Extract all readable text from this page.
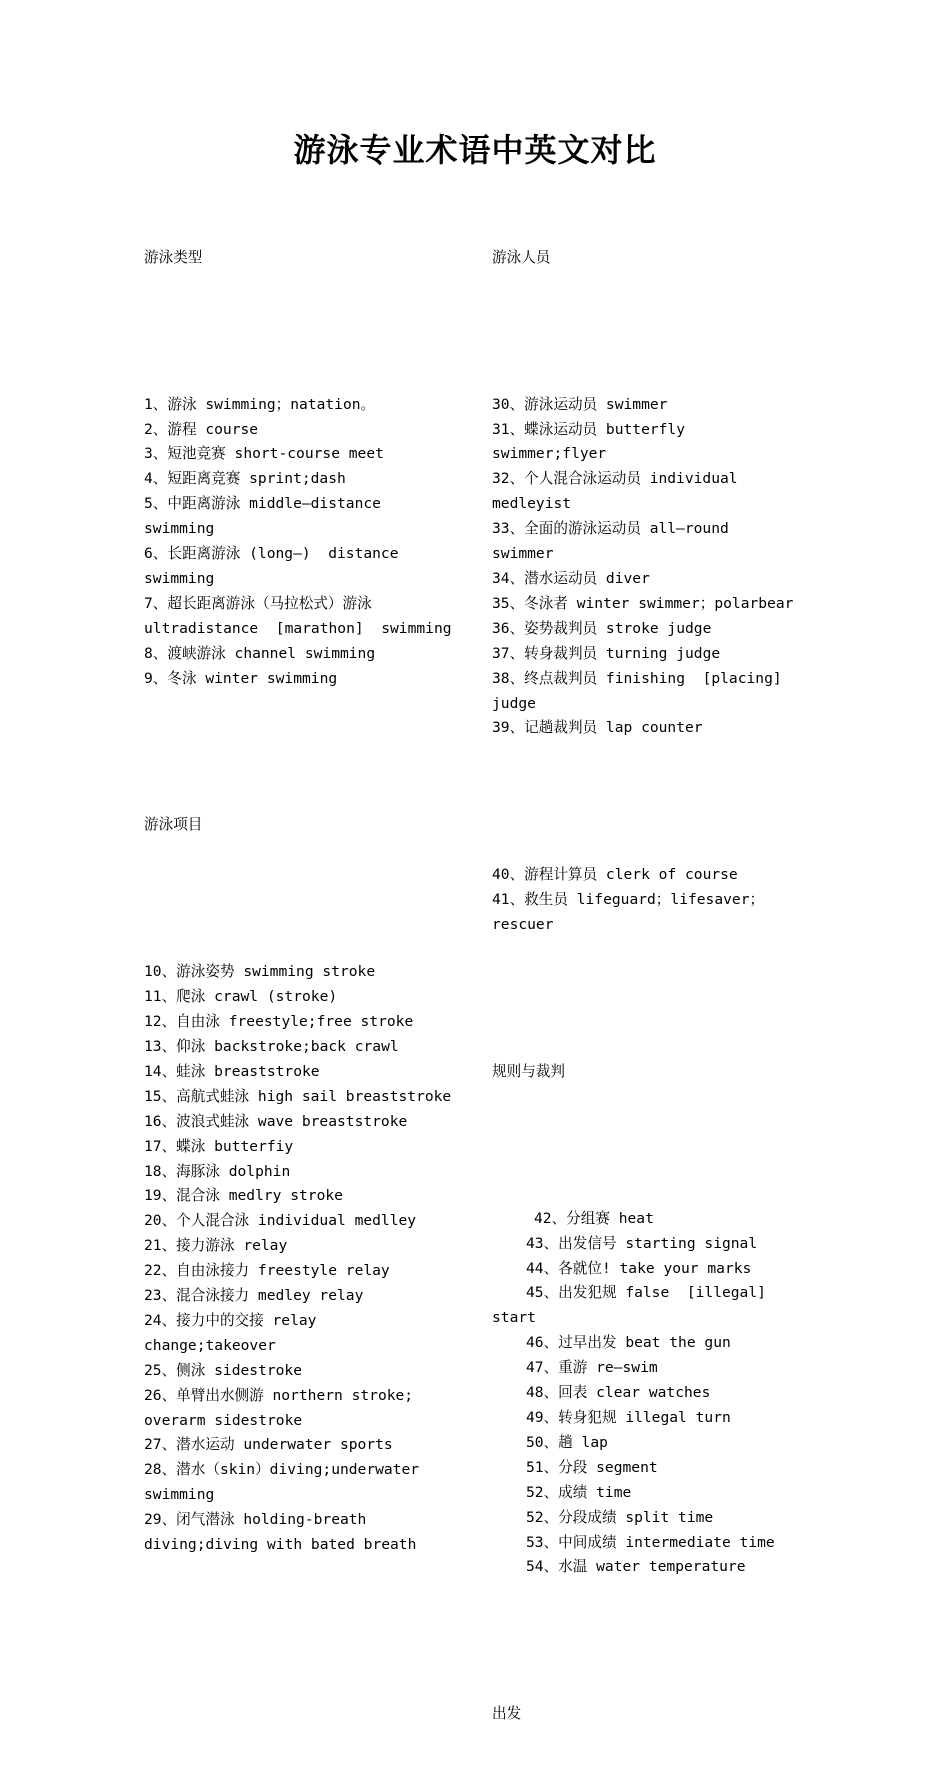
游泳专业术语中英文对比

游泳类型

1、游泳 swimming；natation。
2、游程 course
3、短池竞赛 short-course meet
4、短距离竞赛 sprint;dash
5、中距离游泳 middle—distance
swimming
6、长距离游泳 (long—)  distance
swimming
7、超长距离游泳（马拉松式）游泳
ultradistance  [marathon]  swimming
8、渡峡游泳 channel swimming
9、冬泳 winter swimming

游泳项目

10、游泳姿势 swimming stroke
11、爬泳 crawl (stroke)
12、自由泳 freestyle;free stroke
13、仰泳 backstroke;back crawl
14、蛙泳 breaststroke
15、高航式蛙泳 high sail breaststroke
16、波浪式蛙泳 wave breaststroke
17、蝶泳 butterfiy
18、海豚泳 dolphin
19、混合泳 medlry stroke
20、个人混合泳 individual medlley
21、接力游泳 relay
22、自由泳接力 freestyle relay
23、混合泳接力 medley relay
24、接力中的交接 relay
change;takeover
25、侧泳 sidestroke
26、单臂出水侧游 northern stroke;
overarm sidestroke
27、潜水运动 underwater sports
28、潜水（skin）diving;underwater
swimming
29、闭气潜泳 holding-breath
diving;diving with bated breath

游泳人员

30、游泳运动员 swimmer
31、蝶泳运动员 butterfly
swimmer;flyer
32、个人混合泳运动员 individual
medleyist
33、全面的游泳运动员 all—round
swimmer
34、潜水运动员 diver
35、冬泳者 winter swimmer；polarbear
36、姿势裁判员 stroke judge
37、转身裁判员 turning judge
38、终点裁判员 finishing  [placing]
judge
39、记趟裁判员 lap counter

40、游程计算员 clerk of course
41、救生员 lifeguard；lifesaver；
rescuer

规则与裁判

42、分组赛 heat
43、出发信号 starting signal
44、各就位! take your marks
45、出发犯规 false  [illegal]
start
46、过早出发 beat the gun
47、重游 re—swim
48、回表 clear watches
49、转身犯规 illegal turn
50、趟 lap
51、分段 segment
52、成绩 time
52、分段成绩 split time
53、中间成绩 intermediate time
54、水温 water temperature

出发
